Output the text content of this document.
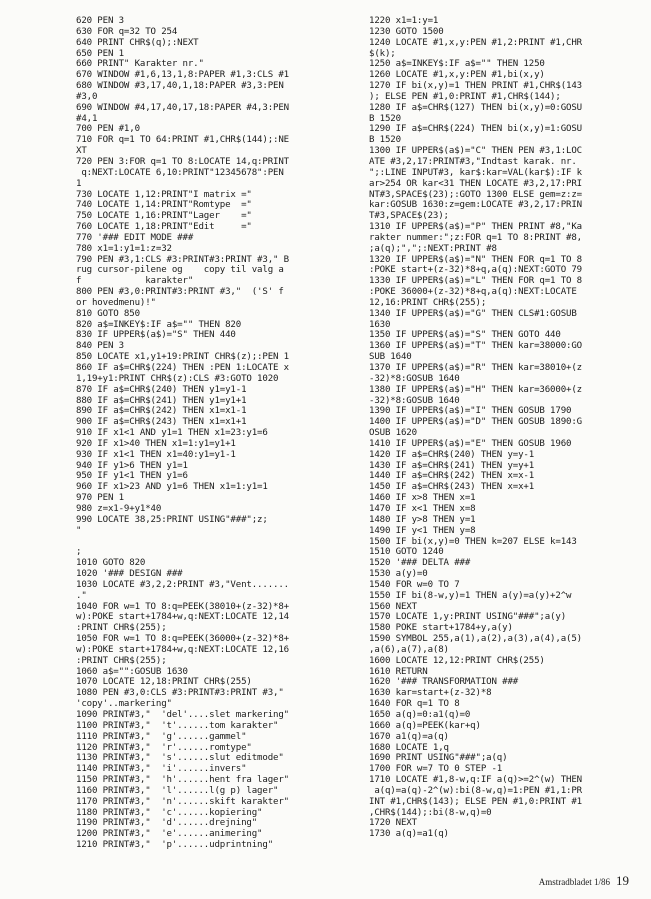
620 PEN 3
630 FOR q=32 TO 254
640 PRINT CHR$(q);:NEXT
650 PEN 1
660 PRINT" Karakter nr."
670 WINDOW #1,6,13,1,8:PAPER #1,3:CLS #1
680 WINDOW #3,17,40,1,18:PAPER #3,3:PEN
#3,0
690 WINDOW #4,17,40,17,18:PAPER #4,3:PEN
#4,1
700 PEN #1,0
710 FOR q=1 TO 64:PRINT #1,CHR$(144);:NE
XT
720 PEN 3:FOR q=1 TO 8:LOCATE 14,q:PRINT
q:NEXT:LOCATE 6,10:PRINT"12345678":PEN
1
730 LOCATE 1,12:PRINT"I matrix ="
740 LOCATE 1,14:PRINT"Romtype  ="
750 LOCATE 1,16:PRINT"Lager    ="
760 LOCATE 1,18:PRINT"Edit     ="
770 '### EDIT MODE ###
780 x1=1:y1=1:z=32
790 PEN #3,1:CLS #3:PRINT#3:PRINT #3," B
rug cursor-pilene og    copy til valg a
f            karakter"
800 PEN #3,0:PRINT#3:PRINT #3,"  ('S' f
or hovedmenu)!"
810 GOTO 850
820 a$=INKEY$:IF a$="" THEN 820
830 IF UPPER$(a$)="S" THEN 440
840 PEN 3
850 LOCATE x1,y1+19:PRINT CHR$(z);:PEN 1
860 IF a$=CHR$(224) THEN :PEN 1:LOCATE x
1,19+y1:PRINT CHR$(z):CLS #3:GOTO 1020
870 IF a$=CHR$(240) THEN y1=y1-1
880 IF a$=CHR$(241) THEN y1=y1+1
890 IF a$=CHR$(242) THEN x1=x1-1
900 IF a$=CHR$(243) THEN x1=x1+1
910 IF x1<1 AND y1=1 THEN x1=23:y1=6
920 IF x1>40 THEN x1=1:y1=y1+1
930 IF x1<1 THEN x1=40:y1=y1-1
940 IF y1>6 THEN y1=1
950 IF y1<1 THEN y1=6
960 IF x1>23 AND y1=6 THEN x1=1:y1=1
970 PEN 1
980 z=x1-9+y1*40
990 LOCATE 38,25:PRINT USING"###";z;
"
;
1010 GOTO 820
1020 '### DESIGN ###
1030 LOCATE #3,2,2:PRINT #3,"Vent.......
."
1040 FOR w=1 TO 8:q=PEEK(38010+(z-32)*8+
w):POKE start+1784+w,q:NEXT:LOCATE 12,14
:PRINT CHR$(255);
1050 FOR w=1 TO 8:q=PEEK(36000+(z-32)*8+
w):POKE start+1784+w,q:NEXT:LOCATE 12,16
:PRINT CHR$(255);
1060 a$="":GOSUB 1630
1070 LOCATE 12,18:PRINT CHR$(255)
1080 PEN #3,0:CLS #3:PRINT#3:PRINT #3,"
'copy'..markering"
1090 PRINT#3,"  'del'....slet markering"
1100 PRINT#3,"  't'......tom karakter"
1110 PRINT#3,"  'g'......gammel"
1120 PRINT#3,"  'r'......romtype"
1130 PRINT#3,"  's'......slut editmode"
1140 PRINT#3,"  'i'......invers"
1150 PRINT#3,"  'h'......hent fra lager"
1160 PRINT#3,"  'l'......l(g p) lager"
1170 PRINT#3,"  'n'......skift karakter"
1180 PRINT#3,"  'c'......kopiering"
1190 PRINT#3,"  'd'......drejning"
1200 PRINT#3,"  'e'......animering"
1210 PRINT#3,"  'p'......udprintning"
1220 x1=1:y=1
1230 GOTO 1500
1240 LOCATE #1,x,y:PEN #1,2:PRINT #1,CHR
$(k);
1250 a$=INKEY$:IF a$="" THEN 1250
1260 LOCATE #1,x,y:PEN #1,bi(x,y)
1270 IF bi(x,y)=1 THEN PRINT #1,CHR$(143
); ELSE PEN #1,0:PRINT #1,CHR$(144);
1280 IF a$=CHR$(127) THEN bi(x,y)=0:GOSU
B 1520
1290 IF a$=CHR$(224) THEN bi(x,y)=1:GOSU
B 1520
1300 IF UPPER$(a$)="C" THEN PEN #3,1:LOC
ATE #3,2,17:PRINT#3,"Indtast karak. nr.
";:LINE INPUT#3, kar$:kar=VAL(kar$):IF k
ar>254 OR kar<31 THEN LOCATE #3,2,17:PRI
NT#3,SPACE$(23);:GOTO 1300 ELSE gem=z:z=
kar:GOSUB 1630:z=gem:LOCATE #3,2,17:PRIN
T#3,SPACE$(23);
1310 IF UPPER$(a$)="P" THEN PRINT #8,"Ka
rakter nummer:";z:FOR q=1 TO 8:PRINT #8,
;a(q);",";:NEXT:PRINT #8
1320 IF UPPER$(a$)="N" THEN FOR q=1 TO 8
:POKE start+(z-32)*8+q,a(q):NEXT:GOTO 79
1330 IF UPPER$(a$)="L" THEN FOR q=1 TO 8
:POKE 36000+(z-32)*8+q,a(q):NEXT:LOCATE
12,16:PRINT CHR$(255);
1340 IF UPPER$(a$)="G" THEN CLS#1:GOSUB
1630
1350 IF UPPER$(a$)="S" THEN GOTO 440
1360 IF UPPER$(a$)="T" THEN kar=38000:GO
SUB 1640
1370 IF UPPER$(a$)="R" THEN kar=38010+(z
-32)*8:GOSUB 1640
1380 IF UPPER$(a$)="H" THEN kar=36000+(z
-32)*8:GOSUB 1640
1390 IF UPPER$(a$)="I" THEN GOSUB 1790
1400 IF UPPER$(a$)="D" THEN GOSUB 1890:G
OSUB 1620
1410 IF UPPER$(a$)="E" THEN GOSUB 1960
1420 IF a$=CHR$(240) THEN y=y-1
1430 IF a$=CHR$(241) THEN y=y+1
1440 IF a$=CHR$(242) THEN x=x-1
1450 IF a$=CHR$(243) THEN x=x+1
1460 IF x>8 THEN x=1
1470 IF x<1 THEN x=8
1480 IF y>8 THEN y=1
1490 IF y<1 THEN y=8
1500 IF bi(x,y)=0 THEN k=207 ELSE k=143
1510 GOTO 1240
1520 '### DELTA ###
1530 a(y)=0
1540 FOR w=0 TO 7
1550 IF bi(8-w,y)=1 THEN a(y)=a(y)+2^w
1560 NEXT
1570 LOCATE 1,y:PRINT USING"###";a(y)
1580 POKE start+1784+y,a(y)
1590 SYMBOL 255,a(1),a(2),a(3),a(4),a(5)
,a(6),a(7),a(8)
1600 LOCATE 12,12:PRINT CHR$(255)
1610 RETURN
1620 '### TRANSFORMATION ###
1630 kar=start+(z-32)*8
1640 FOR q=1 TO 8
1650 a(q)=0:a1(q)=0
1660 a(q)=PEEK(kar+q)
1670 a1(q)=a(q)
1680 LOCATE 1,q
1690 PRINT USING"###";a(q)
1700 FOR w=7 TO 0 STEP -1
1710 LOCATE #1,8-w,q:IF a(q)>=2^(w) THEN
a(q)=a(q)-2^(w):bi(8-w,q)=1:PEN #1,1:PR
INT #1,CHR$(143); ELSE PEN #1,0:PRINT #1
,CHR$(144);:bi(8-w,q)=0
1720 NEXT
1730 a(q)=a1(q)
Amstradbladet 1/86 19
